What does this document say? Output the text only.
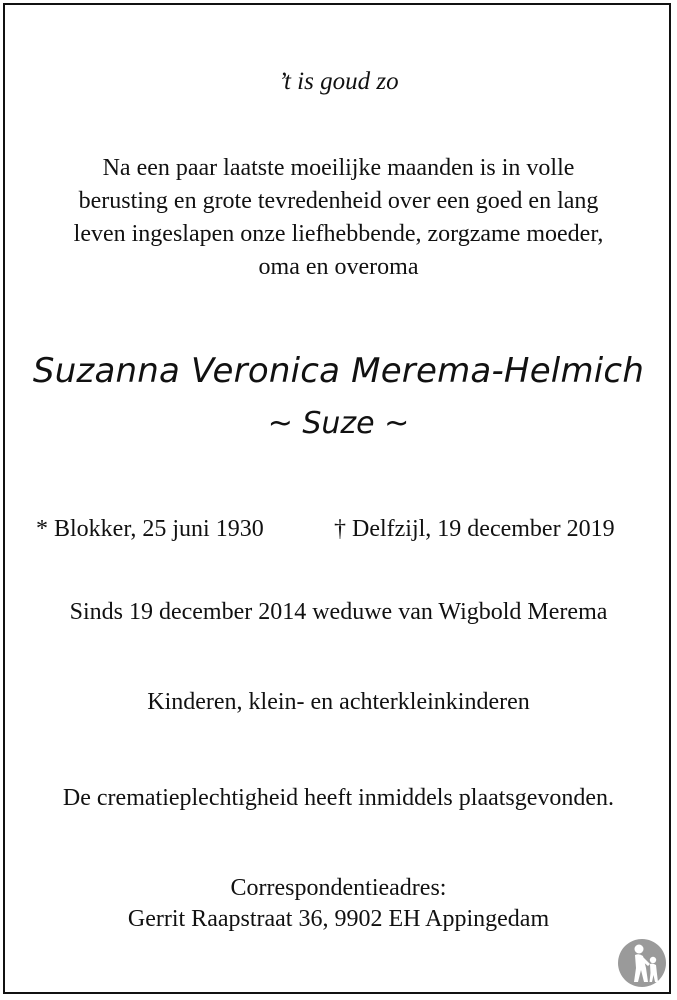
’t is goud zo
Na een paar laatste moeilijke maanden is in volle
berusting en grote tevredenheid over een goed en lang
leven ingeslapen onze liefhebbende, zorgzame moeder,
oma en overoma
Suzanna Veronica Merema-Helmich
~ Suze ~
* Blokker, 25 juni 1930	† Delfzijl, 19 december 2019
Sinds 19 december 2014 weduwe van Wigbold Merema
Kinderen, klein- en achterkleinkinderen
De crematieplechtigheid heeft inmiddels plaatsgevonden.
Correspondentieadres:
Gerrit Raapstraat 36, 9902 EH Appingedam
